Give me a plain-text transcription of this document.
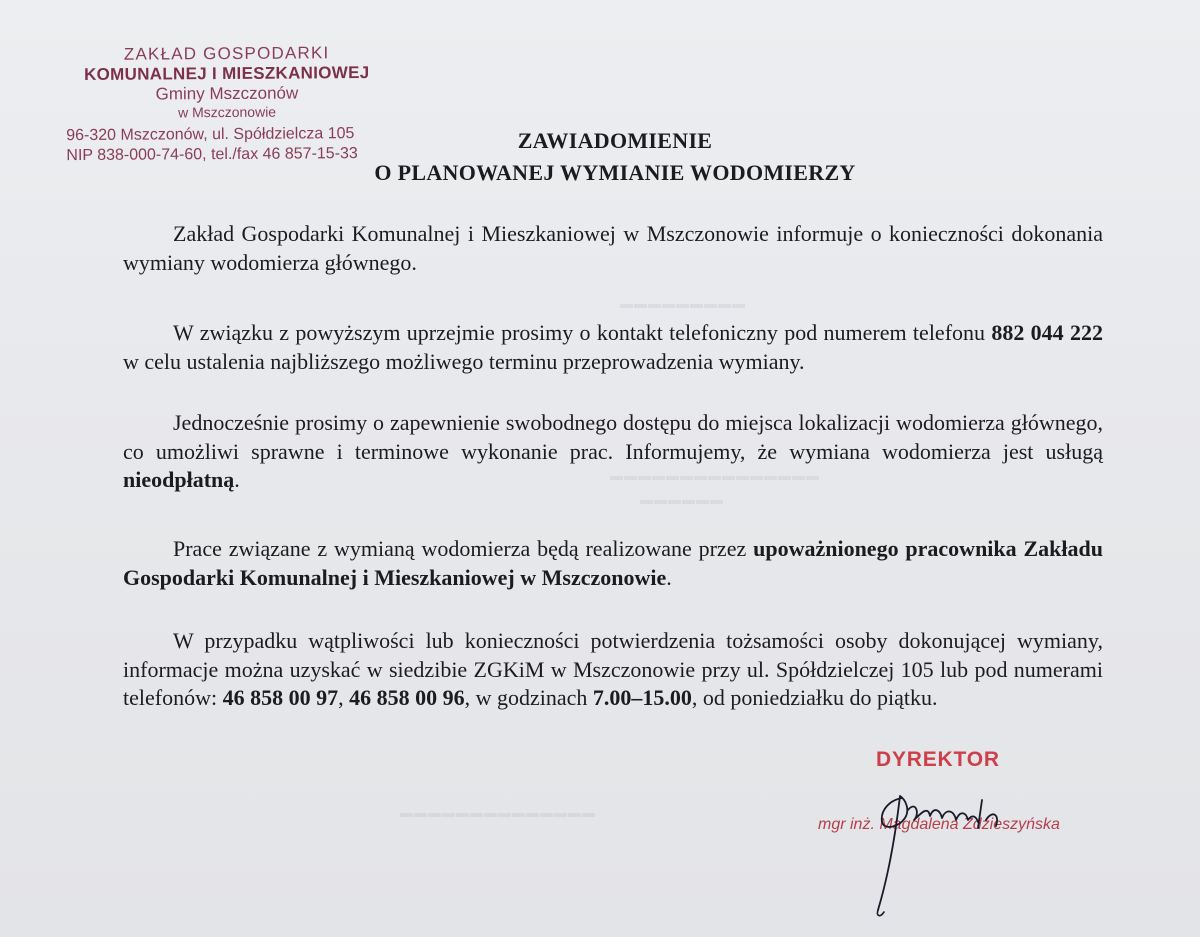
▬▬▬▬▬▬▬▬▬▬▬▬▬▬▬
▬▬▬▬▬▬
▬▬▬▬▬▬▬▬▬
▬▬▬▬▬▬▬▬▬▬▬▬▬▬
ZAKŁAD GOSPODARKI
KOMUNALNEJ I MIESZKANIOWEJ
Gminy Mszczonów
w Mszczonowie
96-320 Mszczonów, ul. Spółdzielcza 105
NIP 838-000-74-60, tel./fax 46 857-15-33
ZAWIADOMIENIE
O PLANOWANEJ WYMIANIE WODOMIERZY
Zakład Gospodarki Komunalnej i Mieszkaniowej w Mszczonowie informuje o konieczności dokonania wymiany wodomierza głównego.
W związku z powyższym uprzejmie prosimy o kontakt telefoniczny pod numerem telefonu 882 044 222 w celu ustalenia najbliższego możliwego terminu przeprowadzenia wymiany.
Jednocześnie prosimy o zapewnienie swobodnego dostępu do miejsca lokalizacji wodomierza głównego, co umożliwi sprawne i terminowe wykonanie prac. Informujemy, że wymiana wodomierza jest usługą nieodpłatną.
Prace związane z wymianą wodomierza będą realizowane przez upoważnionego pracownika Zakładu Gospodarki Komunalnej i Mieszkaniowej w Mszczonowie.
W przypadku wątpliwości lub konieczności potwierdzenia tożsamości osoby dokonującej wymiany, informacje można uzyskać w siedzibie ZGKiM w Mszczonowie przy ul. Spółdzielczej 105 lub pod numerami telefonów: 46 858 00 97, 46 858 00 96, w godzinach 7.00–15.00, od poniedziałku do piątku.
DYREKTOR
mgr inż. Magdalena Zdzieszyńska
